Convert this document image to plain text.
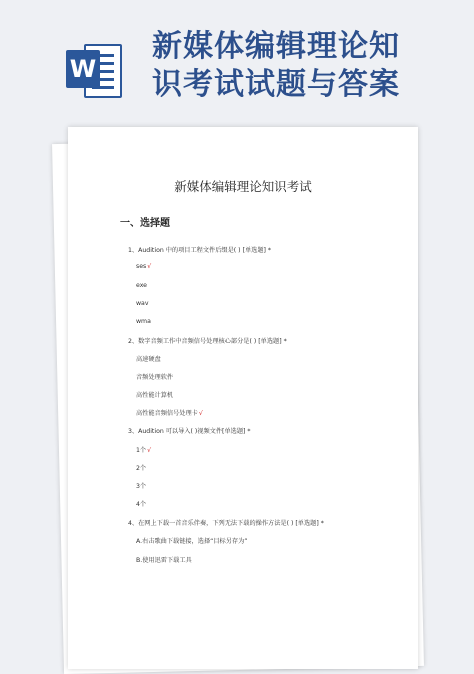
W
新媒体编辑理论知
识考试试题与答案
新媒体编辑理论知识考试
一、选择题
1、Audition 中的项目工程文件后缀是( ) [单选题] *
ses√
exe
wav
wma
2、数字音频工作中音频信号处理核心部分是( ) [单选题] *
高速硬盘
音频处理软件
高性能计算机
高性能音频信号处理卡√
3、Audition 可以导入( )视频文件[单选题] *
1个√
2个
3个
4个
4、在网上下载一首音乐伴奏，下列无法下载的操作方法是( ) [单选题] *
A.右击歌曲下载链接，选择“目标另存为”
B.使用迅雷下载工具
